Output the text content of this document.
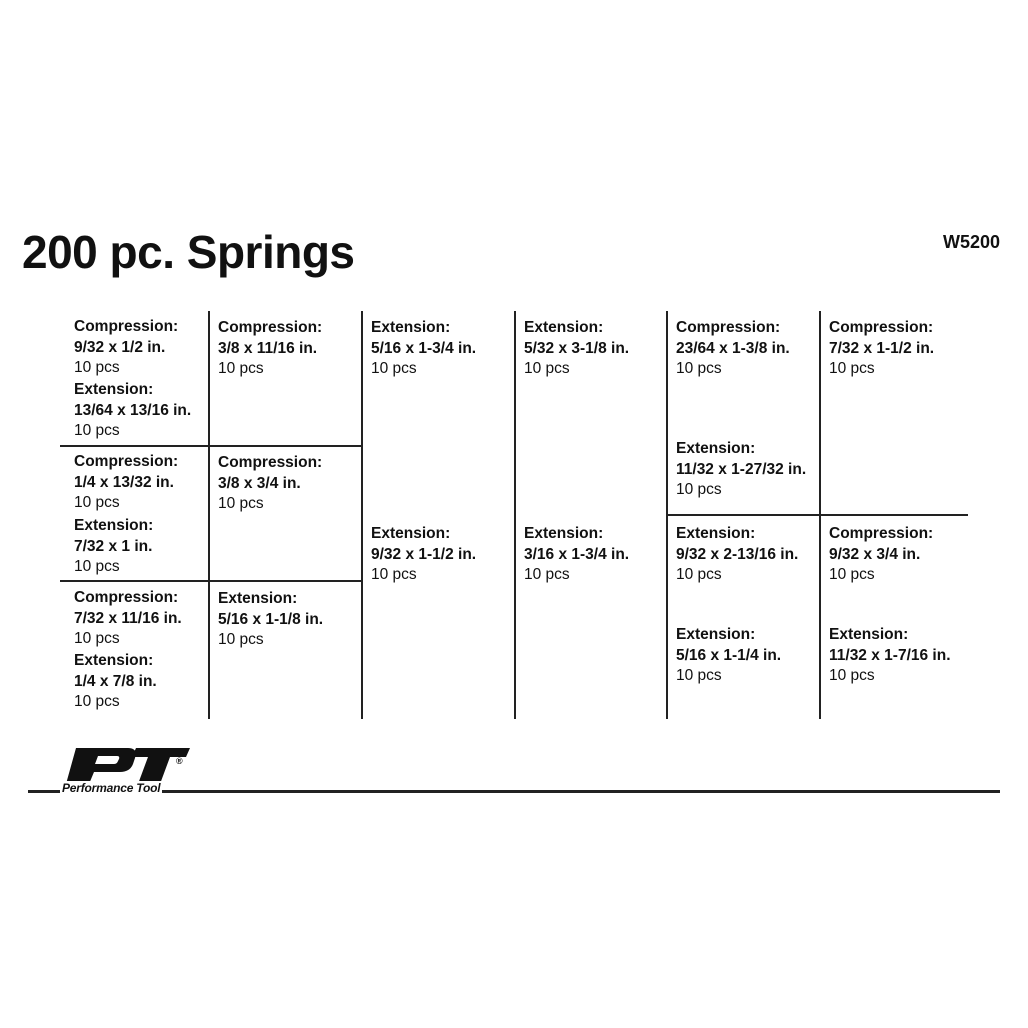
200 pc. Springs	W5200
Compression:
9/32 x 1/2 in.
10 pcs
Extension:
13/64 x 13/16 in.
10 pcs
Compression:
1/4 x 13/32 in.
10 pcs
Extension:
7/32 x 1 in.
10 pcs
Compression:
7/32 x 11/16 in.
10 pcs
Extension:
1/4 x 7/8 in.
10 pcs
Compression:
3/8 x 11/16 in.
10 pcs
Compression:
3/8 x 3/4 in.
10 pcs
Extension:
5/16 x 1-1/8 in.
10 pcs
Extension:
5/16 x 1-3/4 in.
10 pcs
Extension:
9/32 x 1-1/2 in.
10 pcs
Extension:
5/32 x 3-1/8 in.
10 pcs
Extension:
3/16 x 1-3/4 in.
10 pcs
Compression:
23/64 x 1-3/8 in.
10 pcs
Extension:
11/32 x 1-27/32 in.
10 pcs
Extension:
9/32 x 2-13/16 in.
10 pcs
Extension:
5/16 x 1-1/4 in.
10 pcs
Compression:
7/32 x 1-1/2 in.
10 pcs
Compression:
9/32 x 3/4 in.
10 pcs
Extension:
11/32 x 1-7/16 in.
10 pcs
®
Performance Tool
